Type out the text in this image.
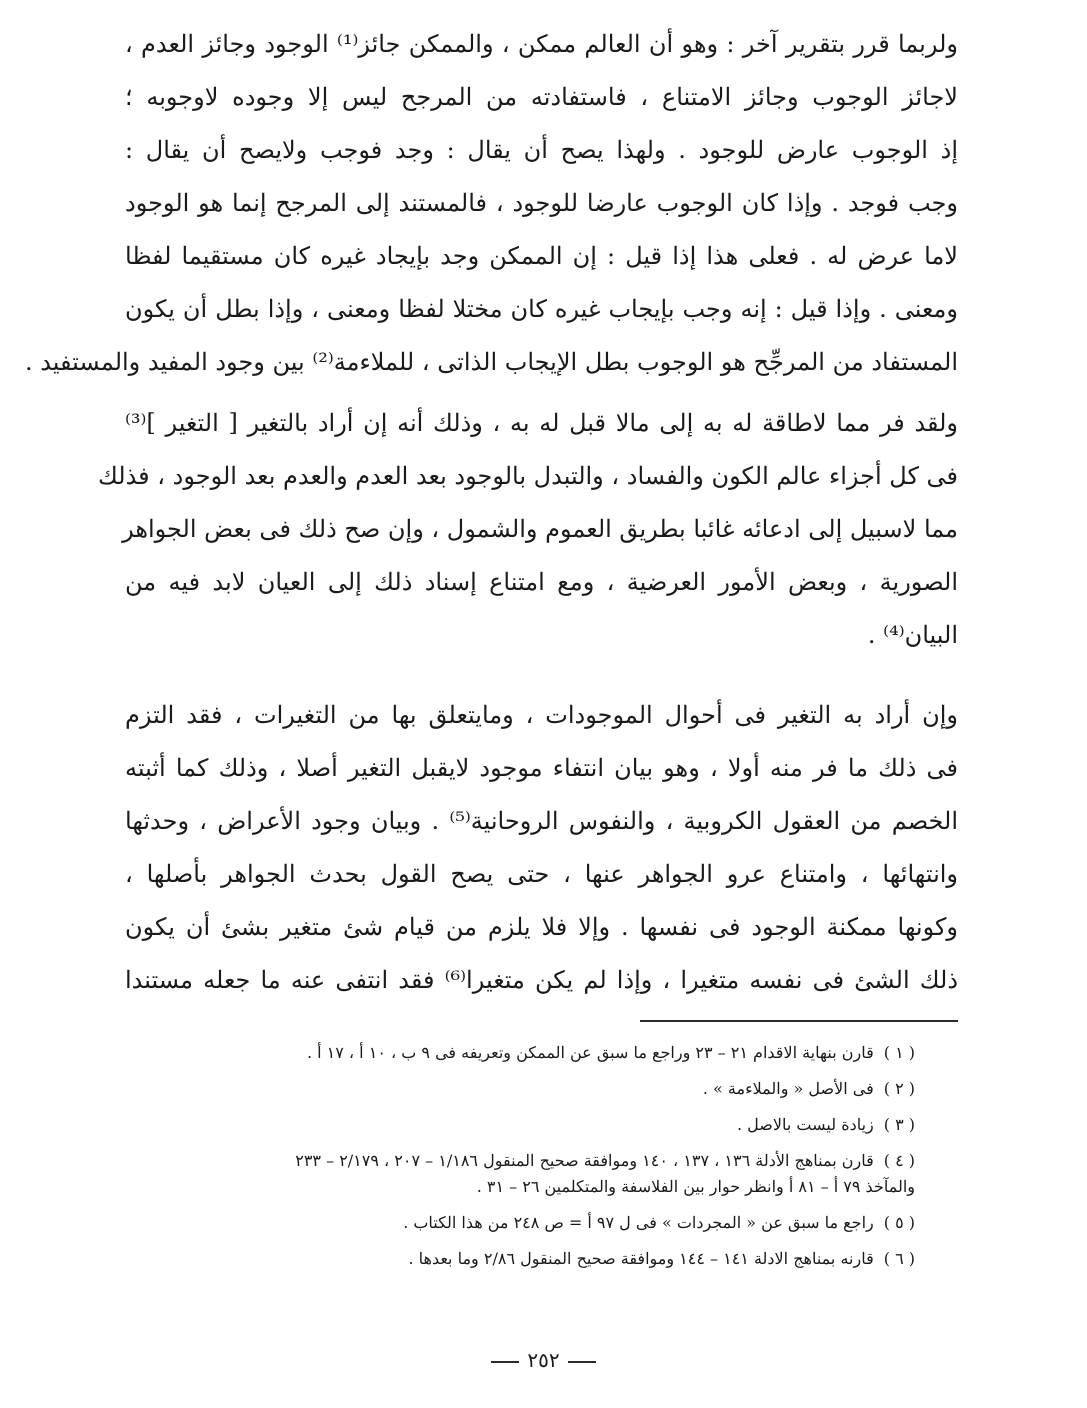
ولربما قرر بتقرير آخر : وهو أن العالم ممكن ، والممكن جائز⁽¹⁾ الوجود وجائز العدم ،

لاجائز الوجوب وجائز الامتناع ، فاستفادته من المرجح ليس إلا وجوده لاوجوبه ؛

إذ الوجوب عارض للوجود . ولهذا يصح أن يقال : وجد فوجب ولايصح أن يقال :

وجب فوجد . وإذا كان الوجوب عارضا للوجود ، فالمستند إلى المرجح إنما هو الوجود

لاما عرض له . فعلى هذا إذا قيل : إن الممكن وجد بإيجاد غيره كان مستقيما لفظا

ومعنى . وإذا قيل : إنه وجب بإيجاب غيره كان مختلا لفظا ومعنى ، وإذا بطل أن يكون

المستفاد من المرجِّح هو الوجوب بطل الإيجاب الذاتى ، للملاءمة⁽²⁾ بين وجود المفيد والمستفيد .

ولقد فر مما لاطاقة له به إلى مالا قبل له به ، وذلك أنه إن أراد بالتغير [ التغير ]⁽³⁾

فى كل أجزاء عالم الكون والفساد ، والتبدل بالوجود بعد العدم والعدم بعد الوجود ، فذلك

مما لاسبيل إلى ادعائه غائبا بطريق العموم والشمول ، وإن صح ذلك فى بعض الجواهر

الصورية ، وبعض الأمور العرضية ، ومع امتناع إسناد ذلك إلى العيان لابد فيه من

البيان⁽⁴⁾ .

وإن أراد به التغير فى أحوال الموجودات ، ومايتعلق بها من التغيرات ، فقد التزم

فى ذلك ما فر منه أولا ، وهو بيان انتفاء موجود لايقبل التغير أصلا ، وذلك كما أثبته

الخصم من العقول الكروبية ، والنفوس الروحانية⁽⁵⁾ . وبيان وجود الأعراض ، وحدثها

وانتهائها ، وامتناع عرو الجواهر عنها ، حتى يصح القول بحدث الجواهر بأصلها ،

وكونها ممكنة الوجود فى نفسها . وإلا فلا يلزم من قيام شئ متغير بشئ أن يكون

ذلك الشئ فى نفسه متغيرا ، وإذا لم يكن متغيرا⁽⁶⁾ فقد انتفى عنه ما جعله مستندا

( ١ )قارن بنهاية الاقدام ٢١ – ٢٣ وراجع ما سبق عن الممكن وتعريفه فى ٩ ب ، ١٠ أ ، ١٧ أ .
( ٢ )فى الأصل « والملاءمة » .
( ٣ )زيادة ليست بالاصل .
( ٤ )قارن بمناهج الأدلة ١٣٦ ، ١٣٧ ، ١٤٠ وموافقة صحيح المنقول ١/١٨٦ – ٢٠٧ ، ٢/١٧٩ – ٢٣٣
والمآخذ ٧٩ أ – ٨١ أ وانظر حوار بين الفلاسفة والمتكلمين ٢٦ – ٣١ .
( ٥ )راجع ما سبق عن « المجردات » فى ل ٩٧ أ = ص ٢٤٨ من هذا الكتاب .
( ٦ )قارنه بمناهج الادلة ١٤١ – ١٤٤ وموافقة صحيح المنقول ٢/٨٦ وما بعدها .
٢٥٢
